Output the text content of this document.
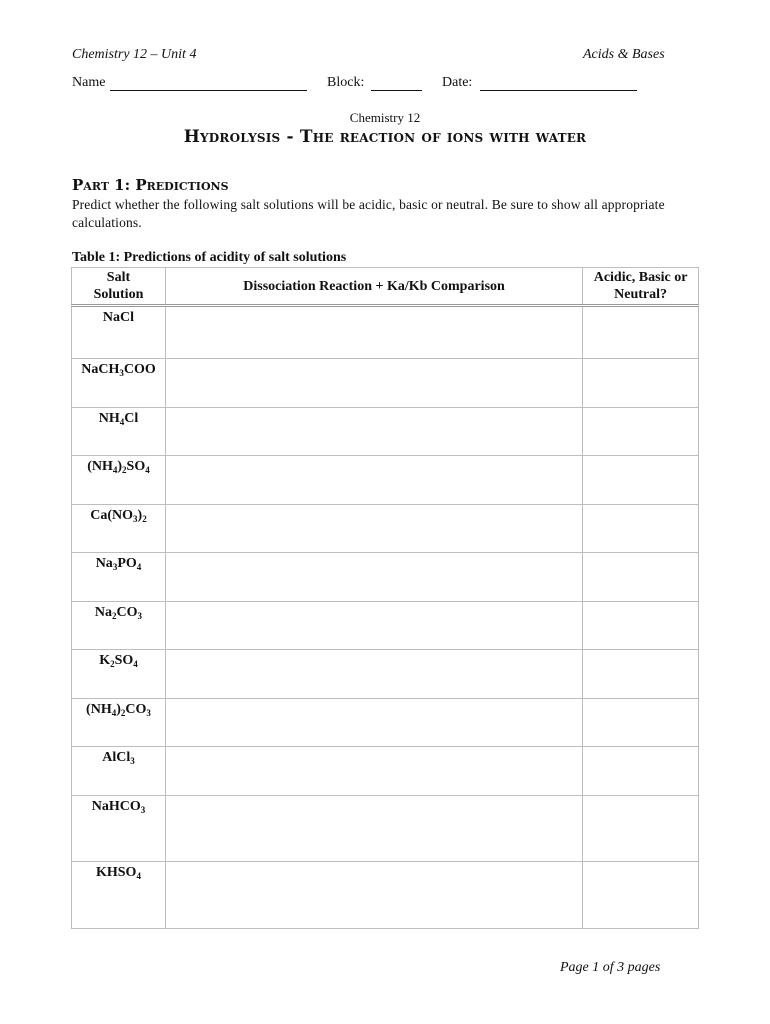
Chemistry 12 – Unit 4	Acids & Bases
Name	Block:	Date:
Chemistry 12
Hydrolysis - The reaction of ions with water
Part 1: Predictions
Predict whether the following salt solutions will be acidic, basic or neutral. Be sure to show all appropriate calculations.
Table 1: Predictions of acidity of salt solutions
Salt
Solution	Dissociation Reaction + Ka/Kb Comparison	Acidic, Basic or
Neutral?
NaCl		
NaCH$_3$COO		
$NH_4Cl$		
$(NH_4)_2SO_4$		
$Ca(NO_3)_2$		
$Na_3PO_4$		
$Na_2CO_3$		
$K_2SO_4$		
$(NH_4)_2CO_3$		
AlCl$_3$		
NaHCO$_3$		
$KHSO_4$		
Page 1 of 3 pages
